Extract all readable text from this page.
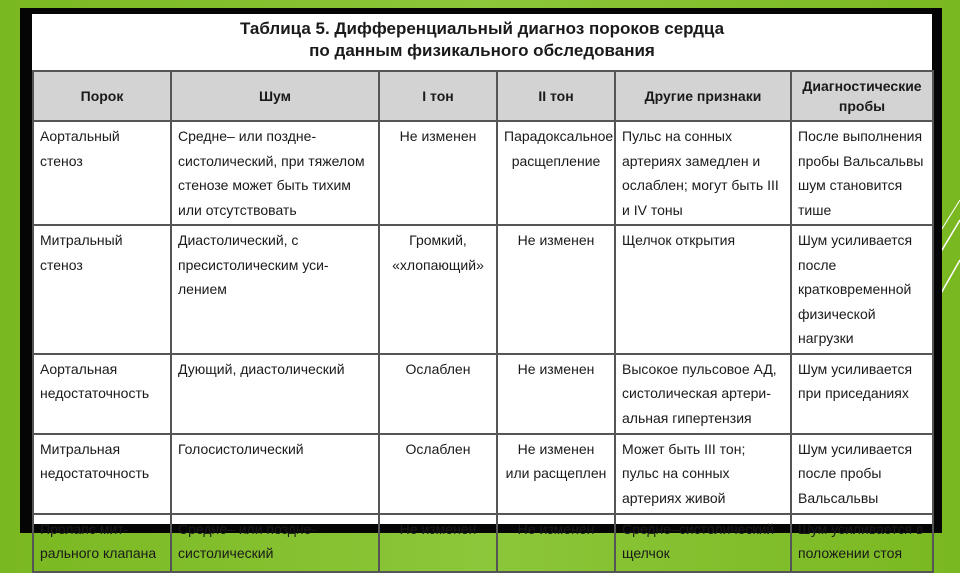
Таблица 5. Дифференциальный диагноз пороков сердца
по данным физикального обследования
Порок	Шум	I тон	II тон	Другие признаки	Диагностические пробы
Аортальный стеноз	Средне– или позднесистолический, при тяжелом стенозе может быть тихим или отсутствовать	Не изменен	Парадоксальное расщепление	Пульс на сонных артериях замедлен и ослаблен; могут быть III и IV тоны	После выполнения пробы Вальсальвы шум становится тише
Митральный стеноз	Диастолический, с пресистолическим усилением	Громкий, «хлопающий»	Не изменен	Щелчок открытия	Шум усиливается после кратковременной физической нагрузки
Аортальная недостаточность	Дующий, диастолический	Ослаблен	Не изменен	Высокое пульсовое АД, систолическая артериальная гипертензия	Шум усиливается при приседаниях
Митральная недостаточность	Голосистолический	Ослаблен	Не изменен или расщеплен	Может быть III тон; пульс на сонных артериях живой	Шум усиливается после пробы Вальсальвы
Пролапс митрального клапана	Средне– или позднесистолический	Не изменен	Не изменен	Средне–систолический щелчок	Шум усиливается в положении стоя
